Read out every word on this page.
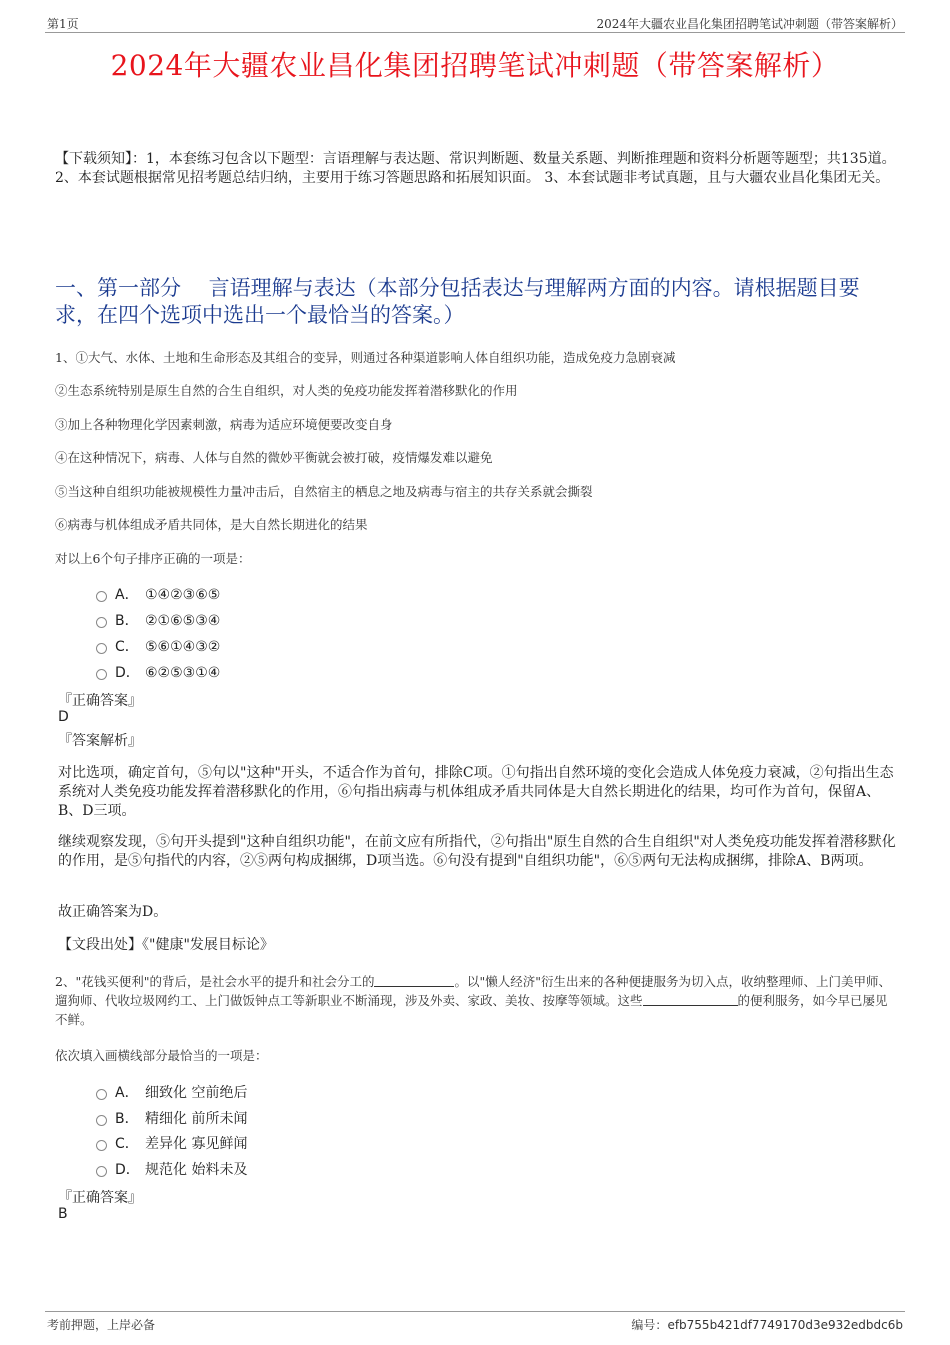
第1页	2024年大疆农业昌化集团招聘笔试冲刺题（带答案解析）
2024年大疆农业昌化集团招聘笔试冲刺题（带答案解析）
【下载须知】：1，本套练习包含以下题型：言语理解与表达题、常识判断题、数量关系题、判断推理题和资料分析题等题型；共135道。 2、本套试题根据常见招考题总结归纳，主要用于练习答题思路和拓展知识面。 3、本套试题非考试真题，且与大疆农业昌化集团无关。
一、第一部分　 言语理解与表达（本部分包括表达与理解两方面的内容。请根据题目要求，在四个选项中选出一个最恰当的答案。）
1、①大气、水体、土地和生命形态及其组合的变异，则通过各种渠道影响人体自组织功能，造成免疫力急剧衰减
②生态系统特别是原生自然的合生自组织，对人类的免疫功能发挥着潜移默化的作用
③加上各种物理化学因素刺激，病毒为适应环境便要改变自身
④在这种情况下，病毒、人体与自然的微妙平衡就会被打破，疫情爆发难以避免
⑤当这种自组织功能被规模性力量冲击后，自然宿主的栖息之地及病毒与宿主的共存关系就会撕裂
⑥病毒与机体组成矛盾共同体，是大自然长期进化的结果
对以上6个句子排序正确的一项是：
A． ①④②③⑥⑤
B． ②①⑥⑤③④
C． ⑤⑥①④③②
D． ⑥②⑤③①④
『正确答案』
D
『答案解析』
对比选项，确定首句，⑤句以"这种"开头，不适合作为首句，排除C项。①句指出自然环境的变化会造成人体免疫力衰减，②句指出生态系统对人类免疫功能发挥着潜移默化的作用，⑥句指出病毒与机体组成矛盾共同体是大自然长期进化的结果，均可作为首句，保留A、B、D三项。
继续观察发现，⑤句开头提到"这种自组织功能"，在前文应有所指代，②句指出"原生自然的合生自组织"对人类免疫功能发挥着潜移默化的作用，是⑤句指代的内容，②⑤两句构成捆绑，D项当选。⑥句没有提到"自组织功能"，⑥⑤两句无法构成捆绑，排除A、B两项。
故正确答案为D。
【文段出处】《"健康"发展目标论》
2、"花钱买便利"的背后，是社会水平的提升和社会分工的	。以"懒人经济"衍生出来的各种便捷服务为切入点，收纳整理师、上门美甲师、遛狗师、代收垃圾网约工、上门做饭钟点工等新职业不断涌现，涉及外卖、家政、美妆、按摩等领域。这些	的便利服务，如今早已屡见不鲜。
依次填入画横线部分最恰当的一项是：
A． 细致化 空前绝后
B． 精细化 前所未闻
C． 差异化 寡见鲜闻
D． 规范化 始料未及
『正确答案』
B
考前押题，上岸必备	编号：efb755b421df7749170d3e932edbdc6b
